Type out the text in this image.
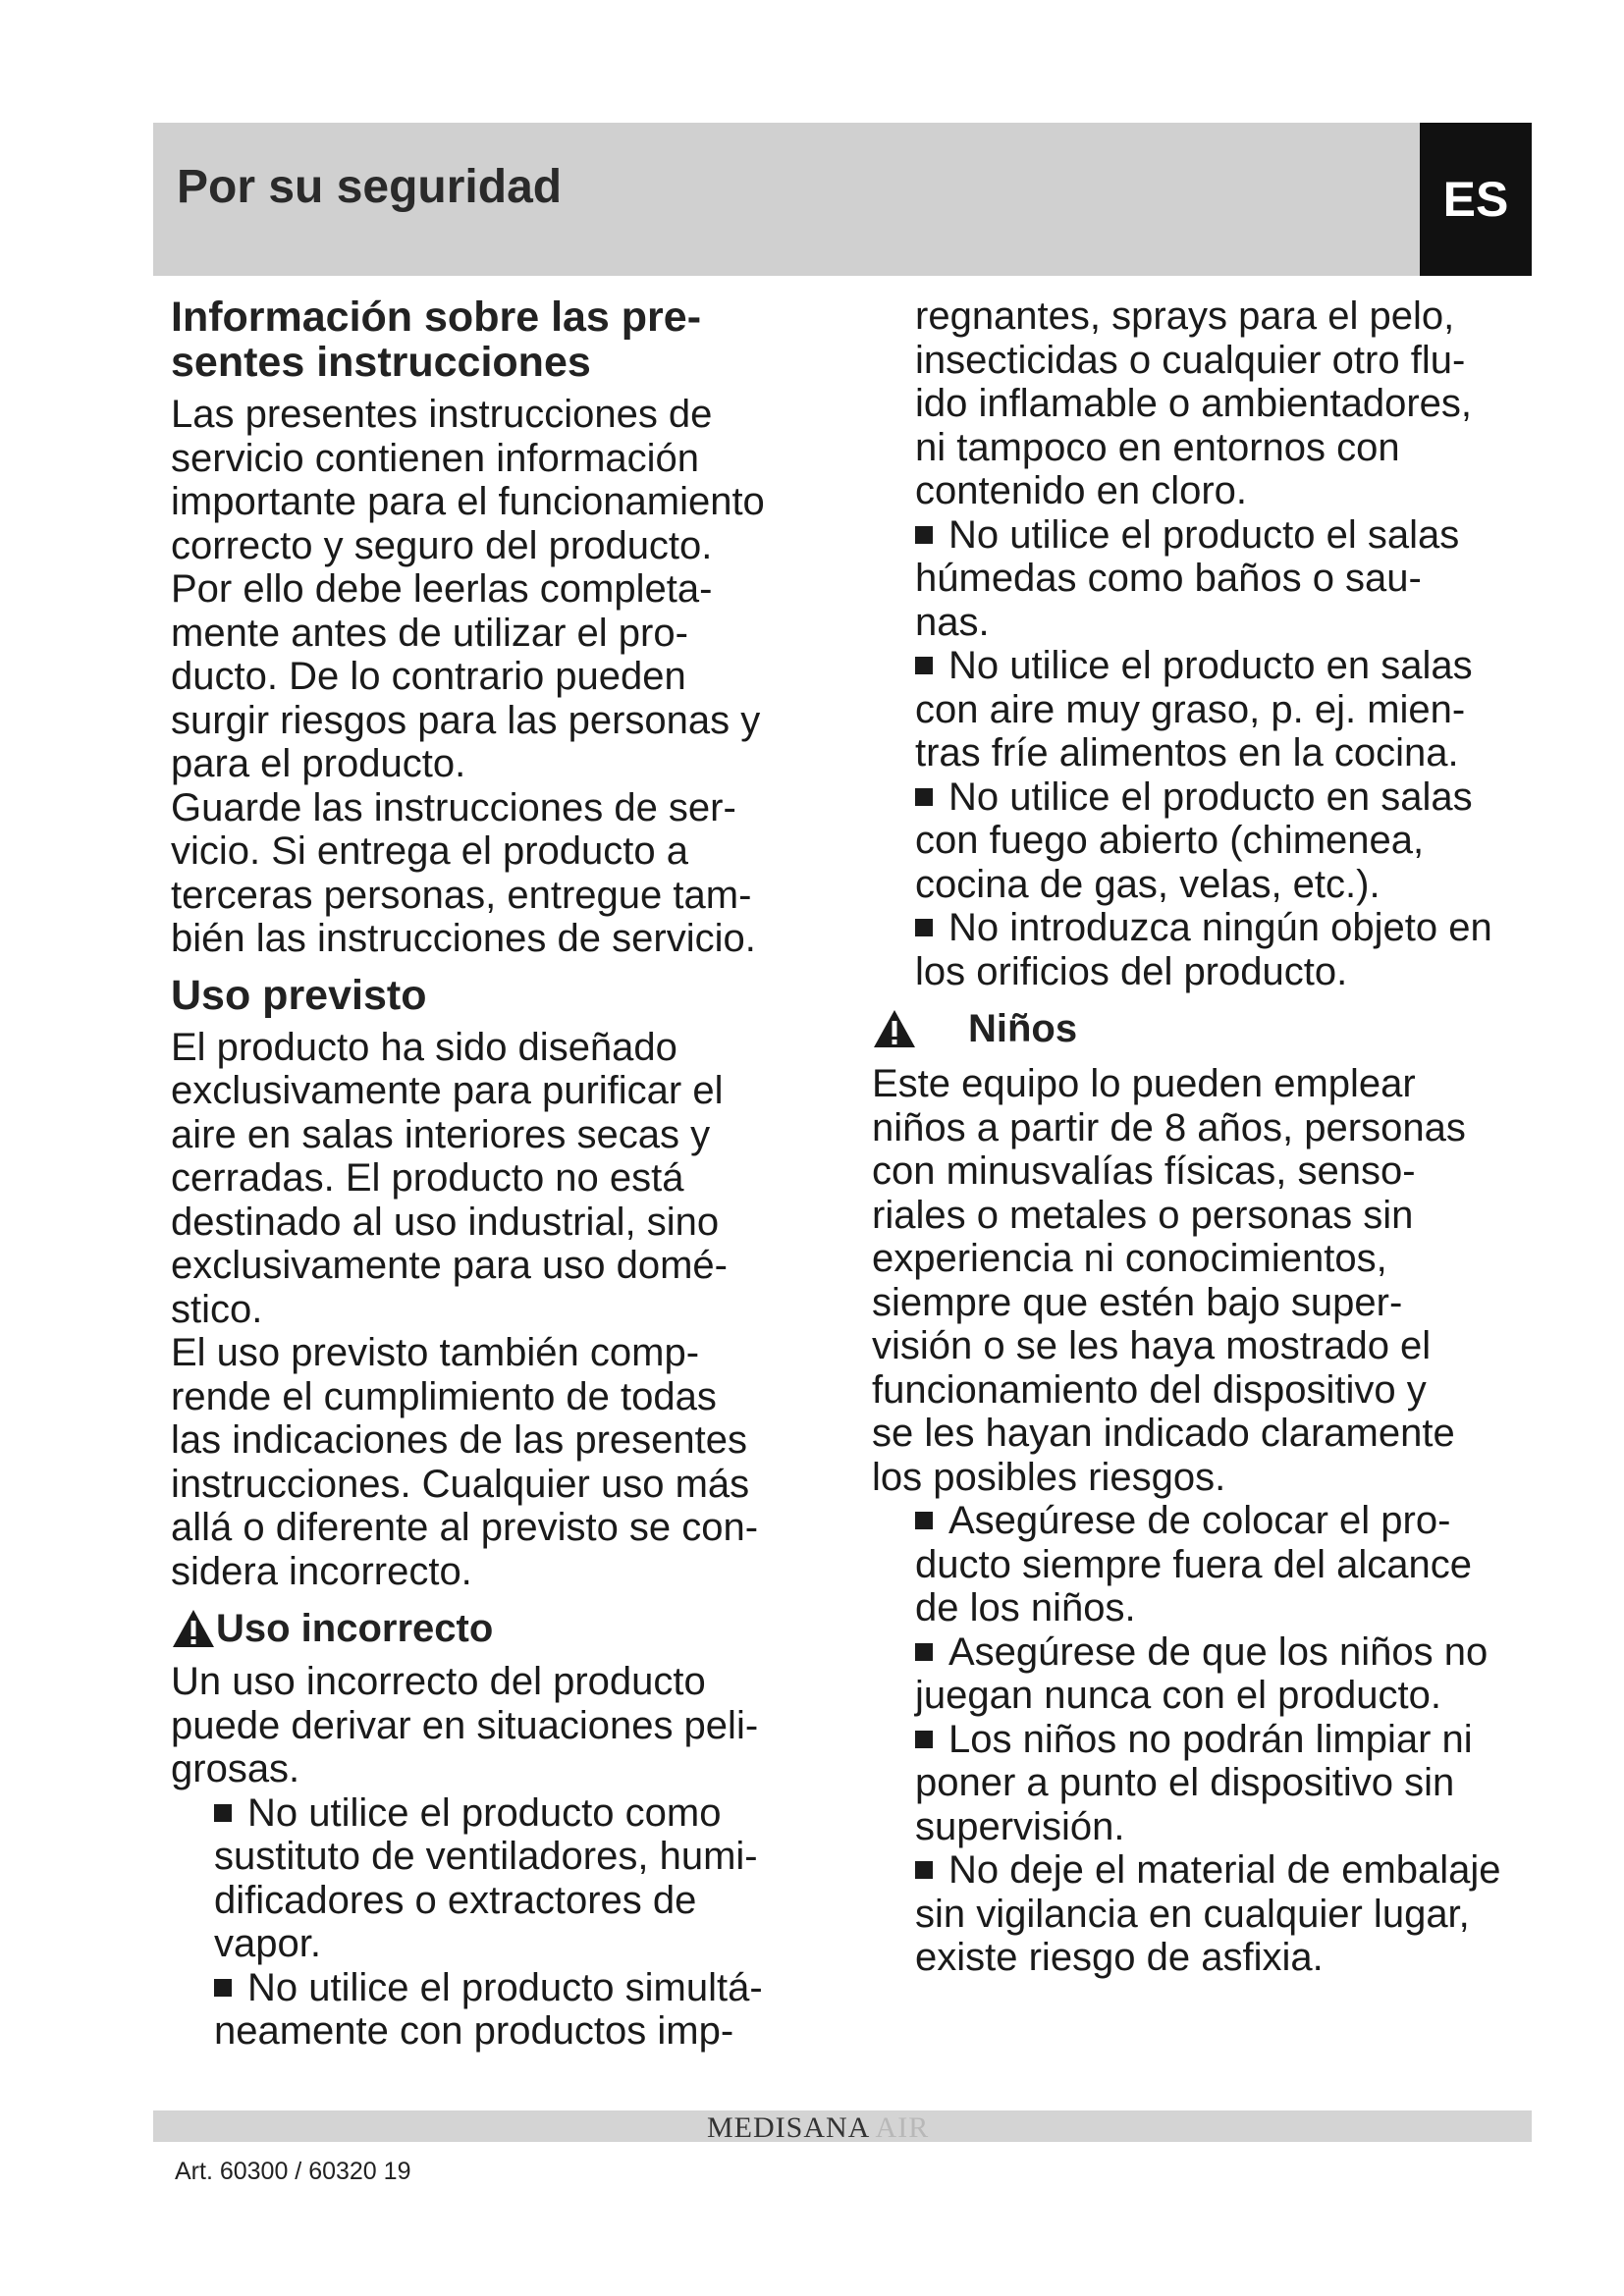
Por su seguridad	ES
Información sobre las pre-
sentes instrucciones

Las presentes instrucciones de

servicio contienen información

importante para el funcionamiento

correcto y seguro del producto.

Por ello debe leerlas completa-

mente antes de utilizar el pro-

ducto. De lo contrario pueden

surgir riesgos para las personas y

para el producto.

Guarde las instrucciones de ser-

vicio. Si entrega el producto a

terceras personas, entregue tam-

bién las instrucciones de servicio.

Uso previsto

El producto ha sido diseñado

exclusivamente para purificar el

aire en salas interiores secas y

cerradas. El producto no está

destinado al uso industrial, sino

exclusivamente para uso domé-

stico.

El uso previsto también comp-

rende el cumplimiento de todas

las indicaciones de las presentes

instrucciones. Cualquier uso más

allá o diferente al previsto se con-

sidera incorrecto.

Uso incorrecto

Un uso incorrecto del producto

puede derivar en situaciones peli-

grosas.

No utilice el producto como

sustituto de ventiladores, humi-

dificadores o extractores de

vapor.

No utilice el producto simultá-

neamente con productos imp-

regnantes, sprays para el pelo,

insecticidas o cualquier otro flu-

ido inflamable o ambientadores,

ni tampoco en entornos con

contenido en cloro.

No utilice el producto el salas

húmedas como baños o sau-

nas.

No utilice el producto en salas

con aire muy graso, p. ej. mien-

tras fríe alimentos en la cocina.

No utilice el producto en salas

con fuego abierto (chimenea,

cocina de gas, velas, etc.).

No introduzca ningún objeto en

los orificios del producto.

Niños

Este equipo lo pueden emplear

niños a partir de 8 años, personas

con minusvalías físicas, senso-

riales o metales o personas sin

experiencia ni conocimientos,

siempre que estén bajo super-

visión o se les haya mostrado el

funcionamiento del dispositivo y

se les hayan indicado claramente

los posibles riesgos.

Asegúrese de colocar el pro-

ducto siempre fuera del alcance

de los niños.

Asegúrese de que los niños no

juegan nunca con el producto.

Los niños no podrán limpiar ni

poner a punto el dispositivo sin

supervisión.

No deje el material de embalaje

sin vigilancia en cualquier lugar,

existe riesgo de asfixia.

MEDISANA AIR
Art. 60300 / 60320 19
